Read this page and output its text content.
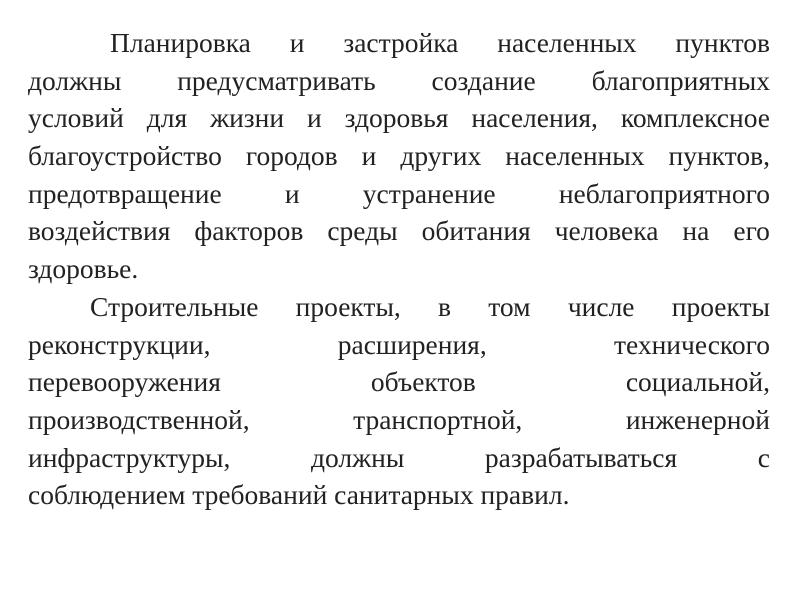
Планировка и застройка населенных пунктов
должны предусматривать создание благоприятных
условий для жизни и здоровья населения, комплексное
благоустройство городов и других населенных пунктов,
предотвращение и устранение неблагоприятного
воздействия факторов среды обитания человека на его
здоровье.
Строительные проекты, в том числе проекты
реконструкции,	расширения,	технического
перевооружения	объектов	социальной,
производственной,	транспортной,	инженерной
инфраструктуры,	должны	разрабатываться	с
соблюдением требований санитарных правил.
